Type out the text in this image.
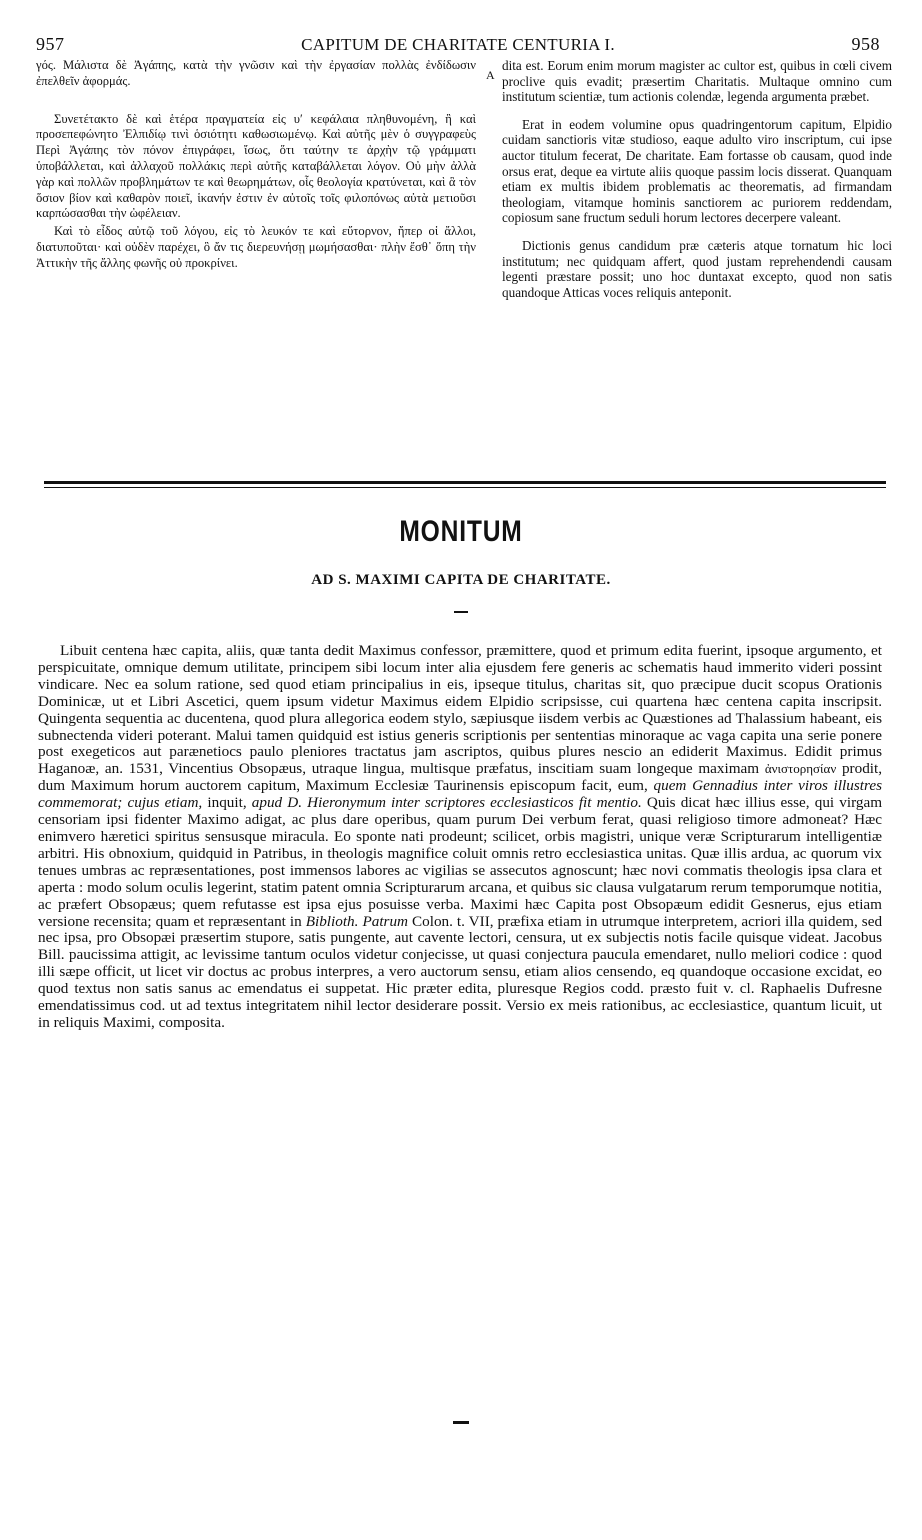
957	CAPITUM DE CHARITATE CENTURIA I.	958

γός. Μάλιστα δὲ Ἀγάπης, κατὰ τὴν γνῶσιν καὶ τὴν ἐργασίαν πολλὰς ἐνδίδωσιν ἐπελθεῖν ἀφορμάς.

Συνετέτακτο δὲ καὶ ἑτέρα πραγματεία εἰς υʹ κεφάλαια πληθυνομένη, ἣ καὶ προσεπεφώνητο Ἐλπιδίῳ τινὶ ὁσιότητι καθωσιωμένῳ. Καὶ αὐτῆς μὲν ὁ συγγραφεὺς Περὶ Ἀγάπης τὸν πόνον ἐπιγράφει, ἴσως, ὅτι ταύτην τε ἀρχὴν τῷ γράμματι ὑποβάλλεται, καὶ ἀλλαχοῦ πολλάκις περὶ αὐτῆς καταβάλλεται λόγον. Οὐ μὴν ἀλλὰ γὰρ καὶ πολλῶν προβλημάτων τε καὶ θεωρημάτων, οἷς θεολογία κρατύνεται, καὶ ἃ τὸν ὅσιον βίον καὶ καθαρὸν ποιεῖ, ἱκανήν ἐστιν ἐν αὐτοῖς τοῖς φιλοπόνως αὐτὰ μετιοῦσι καρπώσασθαι τὴν ὠφέλειαν.

Καὶ τὸ εἶδος αὐτῷ τοῦ λόγου, εἰς τὸ λευκόν τε καὶ εὔτορνον, ἤπερ οἱ ἄλλοι, διατυποῦται· καὶ οὐδὲν παρέχει, ὃ ἄν τις διερευνήσῃ μωμήσασθαι· πλὴν ἔσθ᾿ ὅπη τὴν Ἀττικὴν τῆς ἄλλης φωνῆς οὐ προκρίνει.

A

dita est. Eorum enim morum magister ac cultor est, quibus in cœli civem proclive quis evadit; præsertim Charitatis. Multaque omnino cum institutum scientiæ, tum actionis colendæ, legenda argumenta præbet.

Erat in eodem volumine opus quadringentorum capitum, Elpidio cuidam sanctioris vitæ studioso, eaque adulto viro inscriptum, cui ipse auctor titulum fecerat, De charitate. Eam fortasse ob causam, quod inde orsus erat, deque ea virtute aliis quoque passim locis disserat. Quanquam etiam ex multis ibidem problematis ac theorematis, ad firmandam theologiam, vitamque hominis sanctiorem ac puriorem reddendam, copiosum sane fructum seduli horum lectores decerpere valeant.

Dictionis genus candidum præ cæteris atque tornatum hic loci institutum; nec quidquam affert, quod justam reprehendendi causam legenti præstare possit; uno hoc duntaxat excepto, quod non satis quandoque Atticas voces reliquis anteponit.

MONITUM
AD S. MAXIMI CAPITA DE CHARITATE.

Libuit centena hæc capita, aliis, quæ tanta dedit Maximus confessor, præmittere, quod et primum edita fuerint, ipsoque argumento, et perspicuitate, omnique demum utilitate, principem sibi locum inter alia ejusdem fere generis ac schematis haud immerito videri possint vindicare. Nec ea solum ratione, sed quod etiam principalius in eis, ipseque titulus, charitas sit, quo præcipue ducit scopus Orationis Dominicæ, ut et Libri Ascetici, quem ipsum videtur Maximus eidem Elpidio scripsisse, cui quartena hæc centena capita inscripsit. Quingenta sequentia ac ducentena, quod plura allegorica eodem stylo, sæpiusque iisdem verbis ac Quæstiones ad Thalassium habeant, eis subnectenda videri poterant. Malui tamen quidquid est istius generis scriptionis per sententias minoraque ac vaga capita una serie ponere post exegeticos aut parænetiocs paulo pleniores tractatus jam ascriptos, quibus plures nescio an ediderit Maximus. Edidit primus Haganoæ, an. 1531, Vincentius Obsopæus, utraque lingua, multisque præfatus, inscitiam suam longeque maximam ἀνιστορησίαν prodit, dum Maximum horum auctorem capitum, Maximum Ecclesiæ Taurinensis episcopum facit, eum, quem Gennadius inter viros illustres commemorat; cujus etiam, inquit, apud D. Hieronymum inter scriptores ecclesiasticos fit mentio. Quis dicat hæc illius esse, qui virgam censoriam ipsi fidenter Maximo adigat, ac plus dare operibus, quam purum Dei verbum ferat, quasi religioso timore admoneat? Hæc enimvero hæretici spiritus sensusque miracula. Eo sponte nati prodeunt; scilicet, orbis magistri, unique veræ Scripturarum intelligentiæ arbitri. His obnoxium, quidquid in Patribus, in theologis magnifice coluit omnis retro ecclesiastica unitas. Quæ illis ardua, ac quorum vix tenues umbras ac repræsentationes, post immensos labores ac vigilias se assecutos agnoscunt; hæc novi commatis theologis ipsa clara et aperta : modo solum oculis legerint, statim patent omnia Scripturarum arcana, et quibus sic clausa vulgatarum rerum temporumque notitia, ac præfert Obsopæus; quem refutasse est ipsa ejus posuisse verba. Maximi hæc Capita post Obsopæum edidit Gesnerus, ejus etiam versione recensita; quam et repræsentant in Biblioth. Patrum Colon. t. VII, præfixa etiam in utrumque interpretem, acriori illa quidem, sed nec ipsa, pro Obsopæi præsertim stupore, satis pungente, aut cavente lectori, censura, ut ex subjectis notis facile quisque videat. Jacobus Bill. paucissima attigit, ac levissime tantum oculos videtur conjecisse, ut quasi conjectura paucula emendaret, nullo meliori codice : quod illi sæpe officit, ut licet vir doctus ac probus interpres, a vero auctorum sensu, etiam alios censendo, eq quandoque occasione excidat, eo quod textus non satis sanus ac emendatus ei suppetat. Hic præter edita, pluresque Regios codd. præsto fuit v. cl. Raphaelis Dufresne emendatissimus cod. ut ad textus integritatem nihil lector desiderare possit. Versio ex meis rationibus, ac ecclesiastice, quantum licuit, ut in reliquis Maximi, composita.
